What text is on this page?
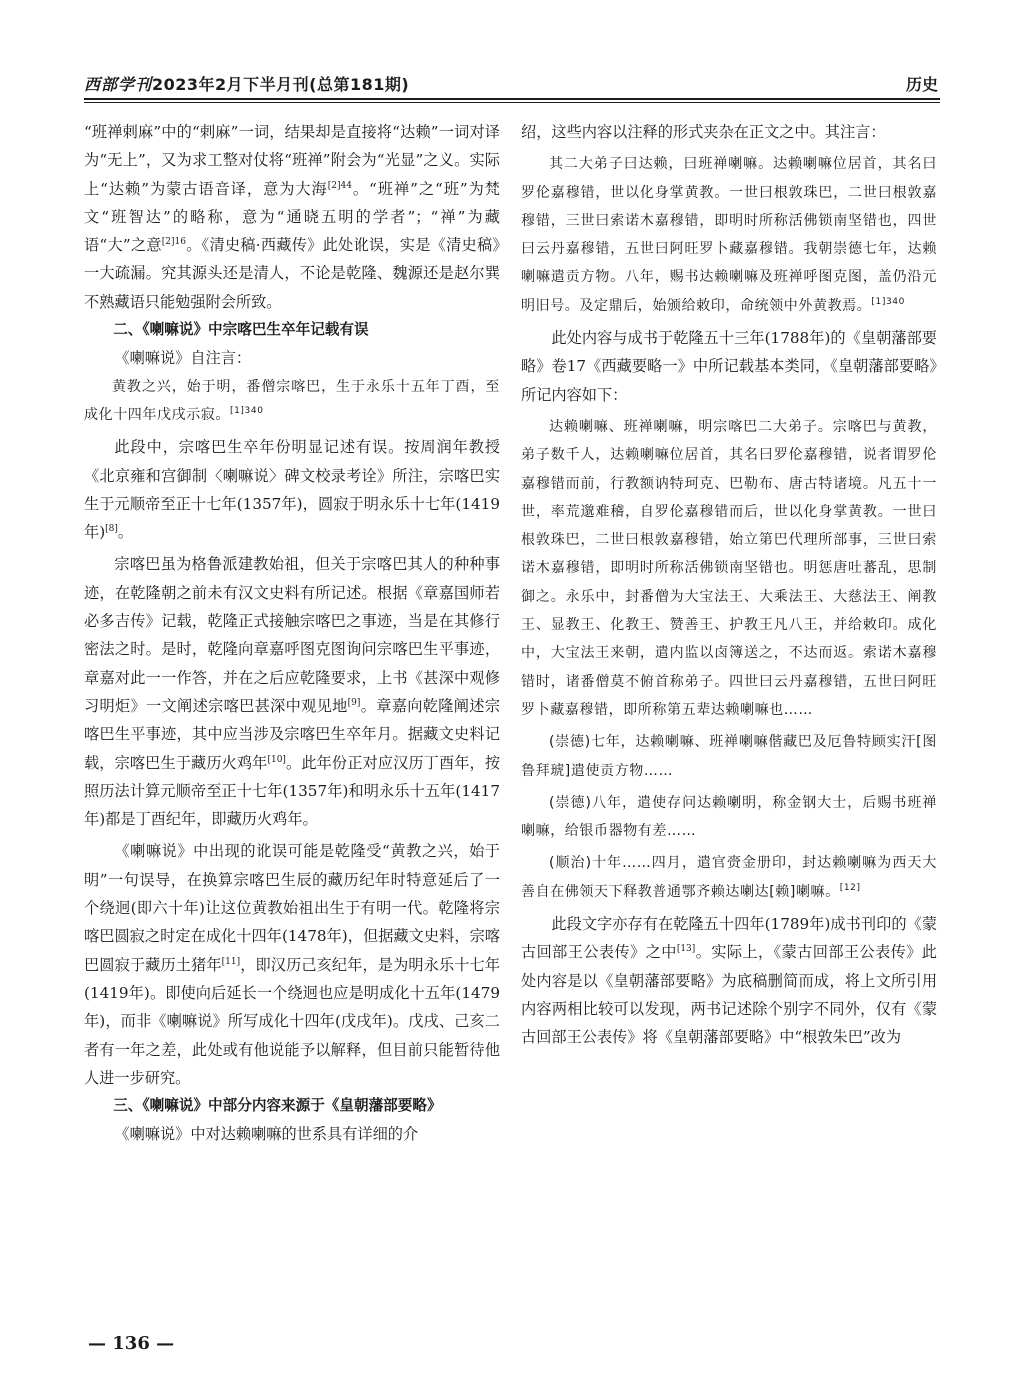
西部学刊2023年2月下半月刊(总第181期)	历史

“班禅剌麻”中的“剌麻”一词，结果却是直接将“达赖”一词对译为“无上”，又为求工整对仗将“班禅”附会为“光显”之义。实际上“达赖”为蒙古语音译，意为大海$^{[2]44}$。“班禅”之“班”为梵文“班智达”的略称，意为“通晓五明的学者”；“禅”为藏语“大”之意$^{[2]16}$。《清史稿·西藏传》此处讹误，实是《清史稿》一大疏漏。究其源头还是清人，不论是乾隆、魏源还是赵尔巽不熟藏语只能勉强附会所致。

二、《喇嘛说》中宗喀巴生卒年记载有误

《喇嘛说》自注言：

黄教之兴，始于明，番僧宗喀巴，生于永乐十五年丁酉，至成化十四年戊戌示寂。$^{[1]340}$

此段中，宗喀巴生卒年份明显记述有误。按周润年教授《北京雍和宫御制〈喇嘛说〉碑文校录考诠》所注，宗喀巴实生于元顺帝至正十七年(1357年)，圆寂于明永乐十七年(1419年)[8]。

宗喀巴虽为格鲁派建教始祖，但关于宗喀巴其人的种种事迹，在乾隆朝之前未有汉文史料有所记述。根据《章嘉国师若必多吉传》记载，乾隆正式接触宗喀巴之事迹，当是在其修行密法之时。是时，乾隆向章嘉呼图克图询问宗喀巴生平事迹，章嘉对此一一作答，并在之后应乾隆要求，上书《甚深中观修习明炬》一文阐述宗喀巴甚深中观见地[9]。章嘉向乾隆阐述宗喀巴生平事迹，其中应当涉及宗喀巴生卒年月。据藏文史料记载，宗喀巴生于藏历火鸡年[10]。此年份正对应汉历丁酉年，按照历法计算元顺帝至正十七年(1357年)和明永乐十五年(1417年)都是丁酉纪年，即藏历火鸡年。

《喇嘛说》中出现的讹误可能是乾隆受“黄教之兴，始于明”一句误导，在换算宗喀巴生辰的藏历纪年时特意延后了一个绕迥(即六十年)让这位黄教始祖出生于有明一代。乾隆将宗喀巴圆寂之时定在成化十四年(1478年)，但据藏文史料，宗喀巴圆寂于藏历土猪年[11]，即汉历己亥纪年，是为明永乐十七年(1419年)。即使向后延长一个绕迥也应是明成化十五年(1479年)，而非《喇嘛说》所写成化十四年(戊戌年)。戊戌、己亥二者有一年之差，此处或有他说能予以解释，但目前只能暂待他人进一步研究。

三、《喇嘛说》中部分内容来源于《皇朝藩部要略》

《喇嘛说》中对达赖喇嘛的世系具有详细的介

绍，这些内容以注释的形式夹杂在正文之中。其注言：

其二大弟子曰达赖，曰班禅喇嘛。达赖喇嘛位居首，其名曰罗伦嘉穆错，世以化身掌黄教。一世曰根敦珠巴，二世曰根敦嘉穆错，三世曰索诺木嘉穆错，即明时所称活佛锁南坚错也，四世曰云丹嘉穆错，五世曰阿旺罗卜藏嘉穆错。我朝崇德七年，达赖喇嘛遣贡方物。八年，赐书达赖喇嘛及班禅呼图克图，盖仍沿元明旧号。及定鼎后，始颁给敕印，命统领中外黄教焉。$^{[1]340}$

此处内容与成书于乾隆五十三年(1788年)的《皇朝藩部要略》卷17《西藏要略一》中所记载基本类同，《皇朝藩部要略》所记内容如下：

达赖喇嘛、班禅喇嘛，明宗喀巴二大弟子。宗喀巴与黄教，弟子数千人，达赖喇嘛位居首，其名曰罗伦嘉穆错，说者谓罗伦嘉穆错而前，行教额讷特珂克、巴勒布、唐古特诸境。凡五十一世，率荒邈难稽，自罗伦嘉穆错而后，世以化身掌黄教。一世曰根敦珠巴，二世曰根敦嘉穆错，始立第巴代理所部事，三世曰索诺木嘉穆错，即明时所称活佛锁南坚错也。明惩唐吐蕃乱，思制御之。永乐中，封番僧为大宝法王、大乘法王、大慈法王、阐教王、显教王、化教王、赞善王、护教王凡八王，并给敕印。成化中，大宝法王来朝，遣内监以卤簿送之，不达而返。索诺木嘉穆错时，诸番僧莫不俯首称弟子。四世曰云丹嘉穆错，五世曰阿旺罗卜藏嘉穆错，即所称第五辈达赖喇嘛也……

(崇德)七年，达赖喇嘛、班禅喇嘛偕藏巴及厄鲁特顾实汗[图鲁拜琥]遣使贡方物……

(崇德)八年，遣使存问达赖喇明，称金钢大士，后赐书班禅喇嘛，给银币器物有差……

(顺治)十年……四月，遣官赍金册印，封达赖喇嘛为西天大善自在佛领天下释教普通鄂齐赖达喇达[赖]喇嘛。[12]

此段文字亦存有在乾隆五十四年(1789年)成书刊印的《蒙古回部王公表传》之中[13]。实际上，《蒙古回部王公表传》此处内容是以《皇朝藩部要略》为底稿删简而成，将上文所引用内容两相比较可以发现，两书记述除个别字不同外，仅有《蒙古回部王公表传》将《皇朝藩部要略》中“根敦朱巴”改为

— 136 —
